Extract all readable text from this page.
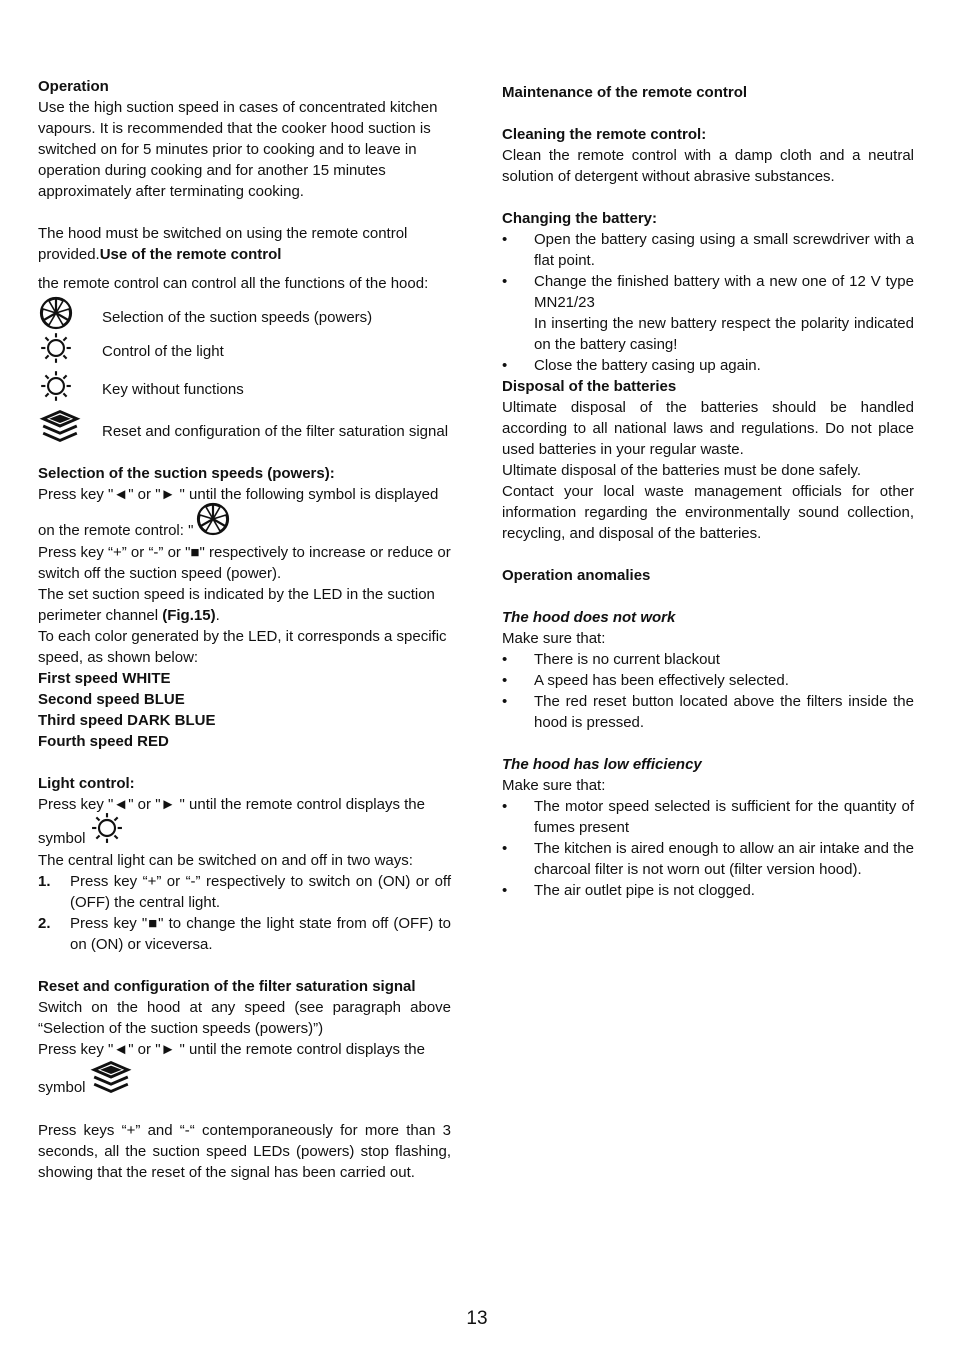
Operation

Use the high suction speed in cases of concentrated kitchen vapours. It is recommended that the cooker hood suction is switched on for 5 minutes prior to cooking and to leave in operation during cooking and for another 15 minutes approximately after terminating cooking.

The hood must be switched on using the remote control provided.Use of the remote control

the remote control can control all the functions of the hood:

Selection of the suction speeds (powers)
Control of the light
Key without functions
Reset and configuration of the filter saturation signal

Selection of the suction speeds (powers):

Press key "◄" or "► " until the following symbol is displayed

on the remote control: "

Press key “+” or “-” or "■" respectively to increase or reduce or switch off the suction speed (power).

The set suction speed is indicated by the LED in the suction perimeter channel (Fig.15).

To each color generated by the LED, it corresponds a specific speed, as shown below:

First speed WHITE

Second speed BLUE

Third speed DARK BLUE

Fourth speed RED

Light control:

Press key "◄" or "► " until the remote control displays the

symbol

The central light can be switched on and off in two ways:

1.	Press key “+” or “-” respectively to switch on (ON) or off (OFF) the central light.
2.	Press key "■" to change the light state from off (OFF) to on (ON) or viceversa.

Reset and configuration of the filter saturation signal

Switch on the hood at any speed (see paragraph above “Selection of the suction speeds (powers)”)

Press key "◄" or "► " until the remote control displays the

symbol

Press keys “+” and “-“ contemporaneously for more than 3 seconds, all the suction speed LEDs (powers) stop flashing, showing that the reset of the signal has been carried out.

Maintenance of the remote control

Cleaning the remote control:

Clean the remote control with a damp cloth and a neutral solution of detergent without abrasive substances.

Changing the battery:

•	Open the battery casing using a small screwdriver with a flat point.
•	Change the finished battery with a new one of 12 V type MN21/23
In inserting the new battery respect the polarity indicated on the battery casing!
•	Close the battery casing up again.

Disposal of the batteries

Ultimate disposal of the batteries should be handled according to all national laws and regulations. Do not place used batteries in your regular waste.

Ultimate disposal of the batteries must be done safely.

Contact your local waste management officials for other information regarding the environmentally sound collection, recycling, and disposal of the batteries.

Operation anomalies

The hood does not work

Make sure that:

•	There is no current blackout
•	A speed has been effectively selected.
•	The red reset button located above the filters inside the hood is pressed.

The hood has low efficiency

Make sure that:

•	The motor speed selected is sufficient for the quantity of fumes present
•	The kitchen is aired enough to allow an air intake and the charcoal filter is not worn out (filter version hood).
•	The air outlet pipe is not clogged.
13
